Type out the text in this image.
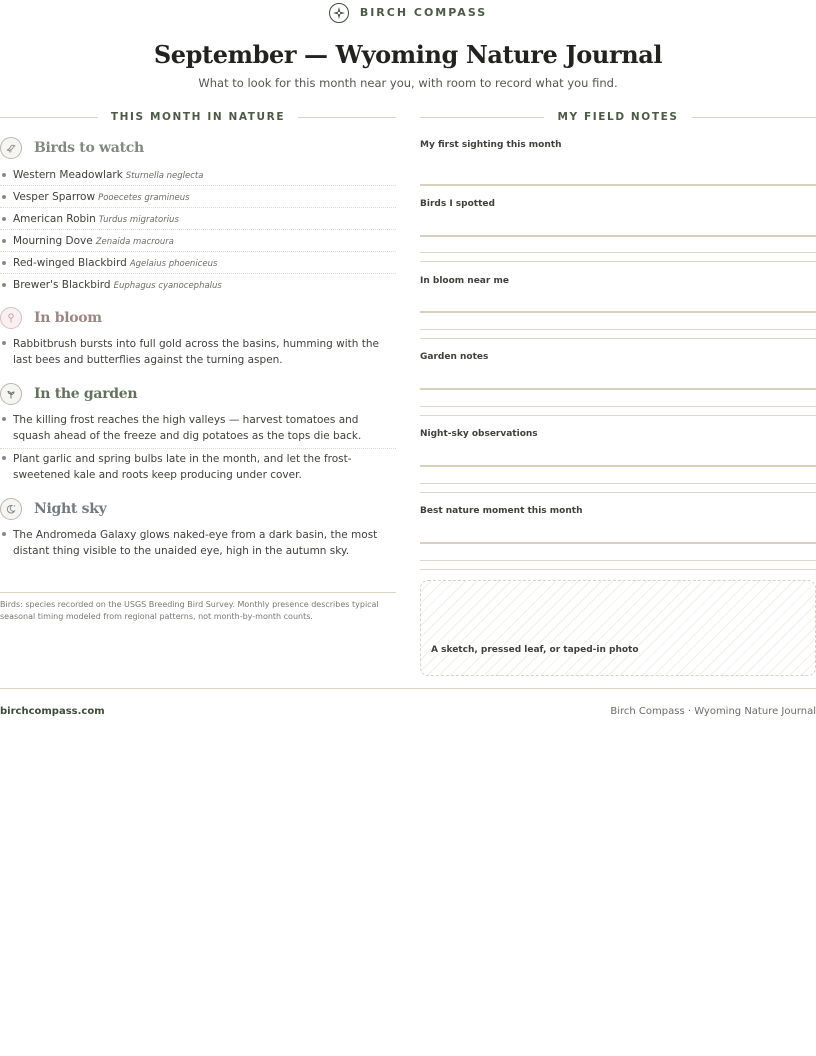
BIRCH COMPASS
September — Wyoming Nature Journal
What to look for this month near you, with room to record what you find.
THIS MONTH IN NATURE	MY FIELD NOTES
Birds to watch
Western Meadowlark Sturnella neglecta
Vesper Sparrow Pooecetes gramineus
American Robin Turdus migratorius
Mourning Dove Zenaida macroura
Red-winged Blackbird Agelaius phoeniceus
Brewer's Blackbird Euphagus cyanocephalus
In bloom
Rabbitbrush bursts into full gold across the basins, humming with the last bees and butterflies against the turning aspen.
In the garden
The killing frost reaches the high valleys — harvest tomatoes and squash ahead of the freeze and dig potatoes as the tops die back.
Plant garlic and spring bulbs late in the month, and let the frost-sweetened kale and roots keep producing under cover.
Night sky
The Andromeda Galaxy glows naked-eye from a dark basin, the most distant thing visible to the unaided eye, high in the autumn sky.
Birds: species recorded on the USGS Breeding Bird Survey. Monthly presence describes typical seasonal timing modeled from regional patterns, not month-by-month counts.
My first sighting this month
Birds I spotted
In bloom near me
Garden notes
Night-sky observations
Best nature moment this month
A sketch, pressed leaf, or taped-in photo
birchcompass.com	Birch Compass · Wyoming Nature Journal
